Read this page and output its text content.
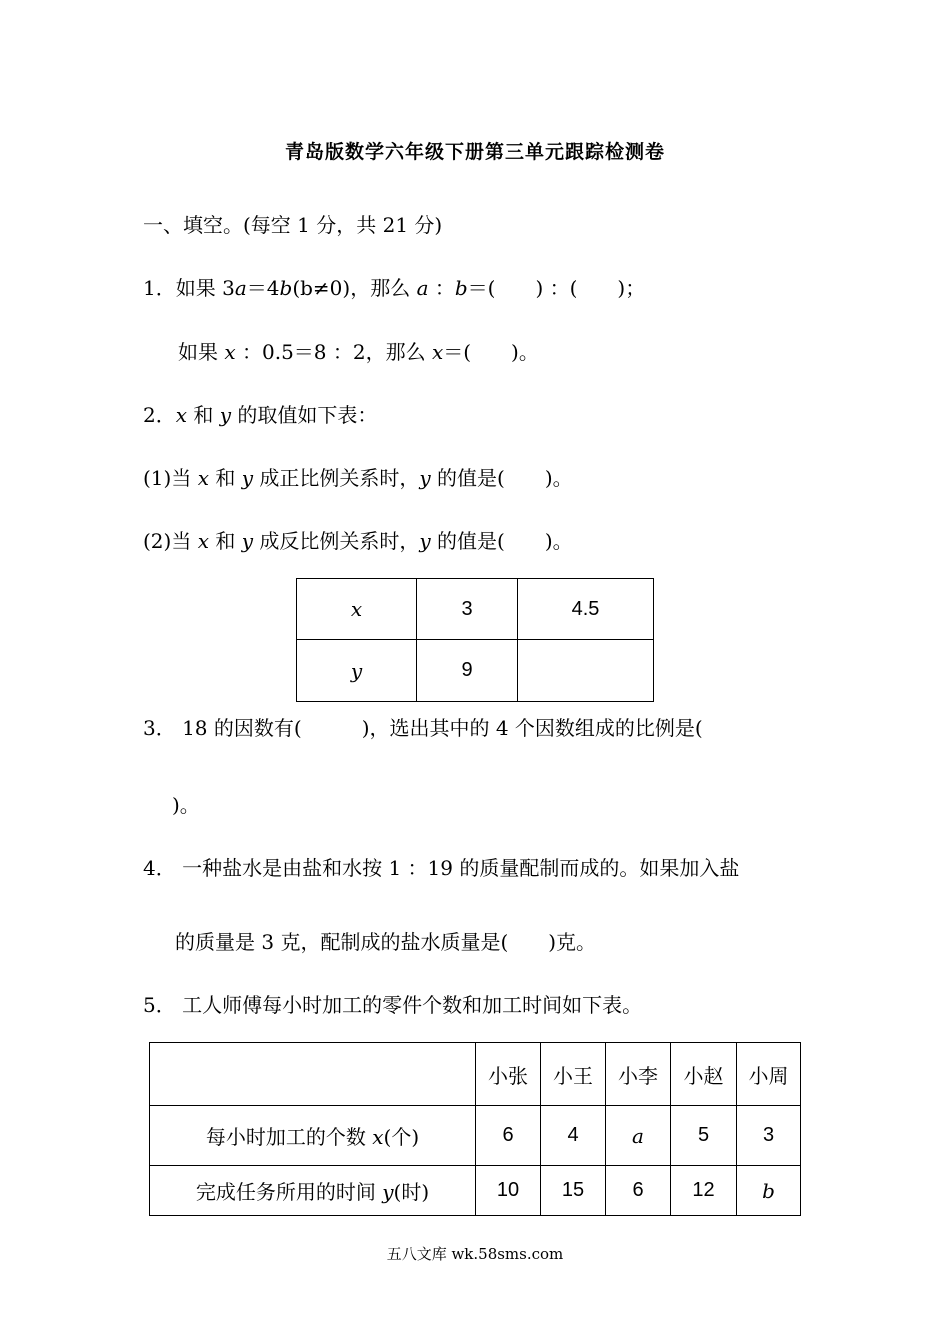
青岛版数学六年级下册第三单元跟踪检测卷
一、填空。(每空 1 分，共 21 分)
1．如果 3a＝4b(b≠0)，那么 a ：b＝(　　) ：(　　)；
如果 x ：0.5＝8 ：2，那么 x＝(　　)。
2．x 和 y 的取值如下表：
(1)当 x 和 y 成正比例关系时，y 的值是(　　)。
(2)当 x 和 y 成反比例关系时，y 的值是(　　)。
x	3	4.5
y	9	
3． 18 的因数有(　　　)，选出其中的 4 个因数组成的比例是(
)。
4． 一种盐水是由盐和水按 1 ：19 的质量配制而成的。如果加入盐
的质量是 3 克，配制成的盐水质量是(　　)克。
5． 工人师傅每小时加工的零件个数和加工时间如下表。
	小张	小王	小李	小赵	小周
每小时加工的个数 x(个)	6	4	a	5	3
完成任务所用的时间 y(时)	10	15	6	12	b
五八文库 wk.58sms.com
